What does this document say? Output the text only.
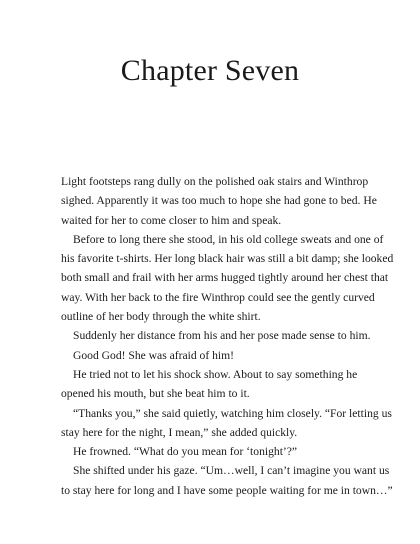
Chapter Seven

Light footsteps rang dully on the polished oak stairs and Winthrop

sighed. Apparently it was too much to hope she had gone to bed. He

waited for her to come closer to him and speak.

Before to long there she stood, in his old college sweats and one of

his favorite t-shirts. Her long black hair was still a bit damp; she looked

both small and frail with her arms hugged tightly around her chest that

way. With her back to the fire Winthrop could see the gently curved

outline of her body through the white shirt.

Suddenly her distance from his and her pose made sense to him.

Good God! She was afraid of him!

He tried not to let his shock show. About to say something he

opened his mouth, but she beat him to it.

“Thanks you,” she said quietly, watching him closely. “For letting us

stay here for the night, I mean,” she added quickly.

He frowned. “What do you mean for ‘tonight’?”

She shifted under his gaze. “Um…well, I can’t imagine you want us

to stay here for long and I have some people waiting for me in town…”
